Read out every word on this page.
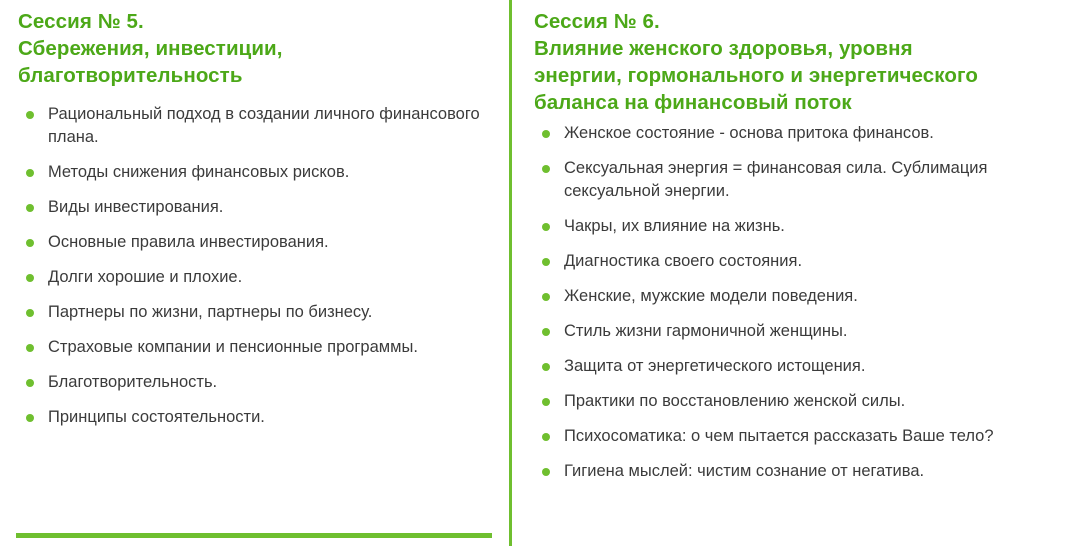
Сессия № 5.
Сбережения, инвестиции,
благотворительность
Рациональный подход в создании личного финансового плана.
Методы снижения финансовых рисков.
Виды инвестирования.
Основные правила инвестирования.
Долги хорошие и плохие.
Партнеры по жизни, партнеры по бизнесу.
Страховые компании и пенсионные программы.
Благотворительность.
Принципы состоятельности.
Сессия № 6.
Влияние женского здоровья, уровня
энергии, гормонального и энергетического
баланса на финансовый поток
Женское состояние - основа притока финансов.
Сексуальная энергия = финансовая сила. Сублимация сексуальной энергии.
Чакры, их влияние на жизнь.
Диагностика своего состояния.
Женские, мужские модели поведения.
Стиль жизни гармоничной женщины.
Защита от энергетического истощения.
Практики по восстановлению женской силы.
Психосоматика: о чем пытается рассказать Ваше тело?
Гигиена мыслей: чистим сознание от негатива.
